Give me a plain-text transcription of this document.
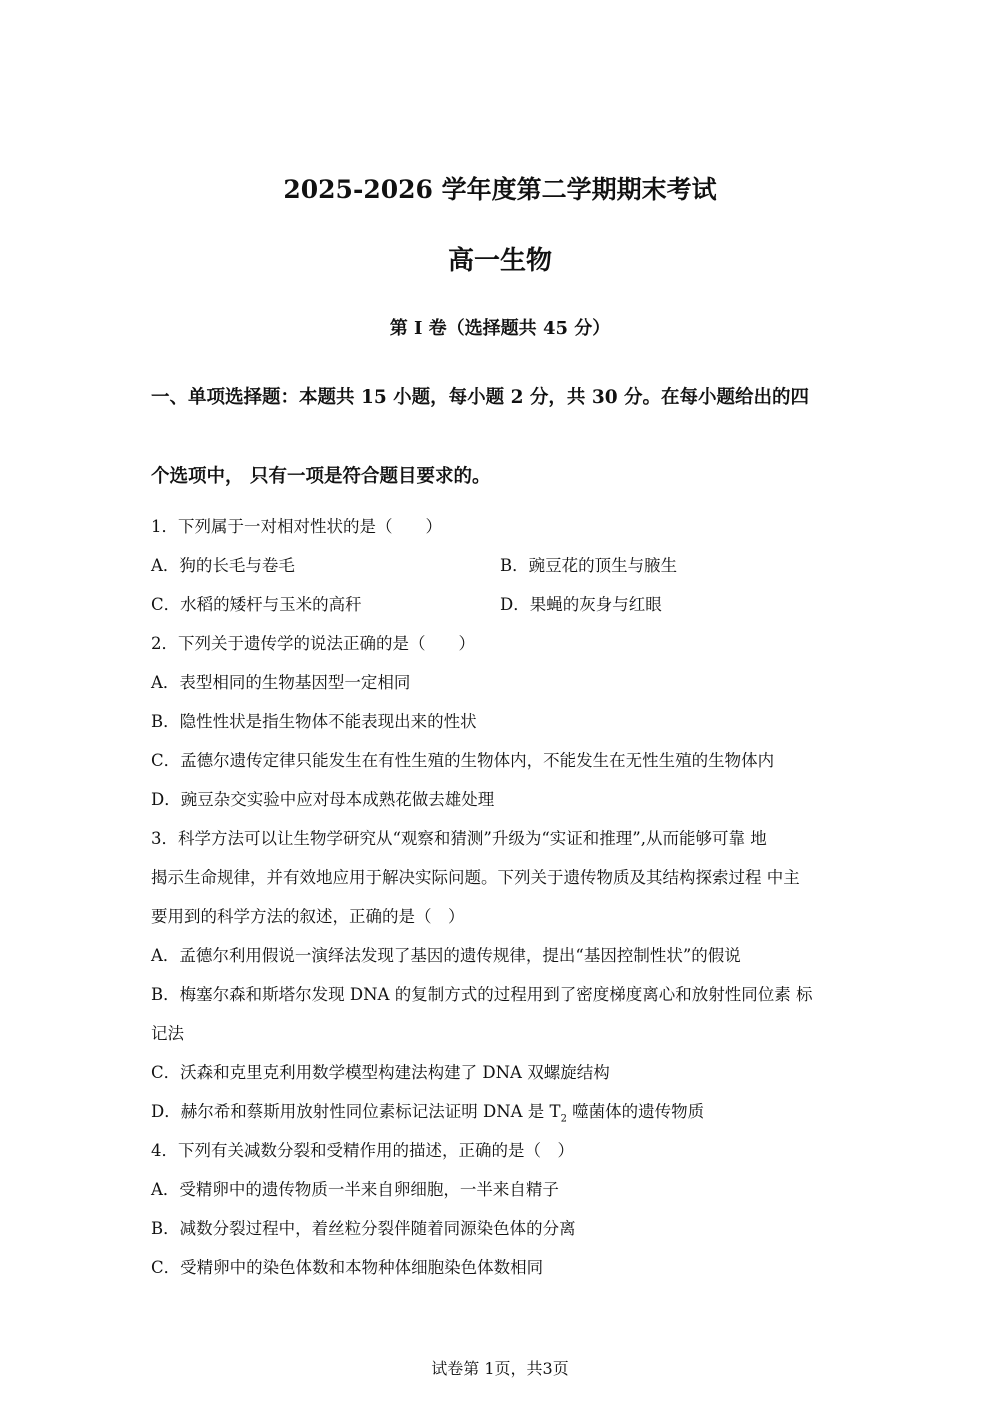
2025-2026 学年度第二学期期末考试
高一生物
第 I 卷（选择题共 45 分）
一、单项选择题：本题共 15 小题，每小题 2 分，共 30 分。在每小题给出的四
个选项中， 只有一项是符合题目要求的。
1．下列属于一对相对性状的是（　　）
A．狗的长毛与卷毛	B．豌豆花的顶生与腋生
C．水稻的矮杆与玉米的高秆	D．果蝇的灰身与红眼
2．下列关于遗传学的说法正确的是（　　）
A．表型相同的生物基因型一定相同
B．隐性性状是指生物体不能表现出来的性状
C．孟德尔遗传定律只能发生在有性生殖的生物体内，不能发生在无性生殖的生物体内
D．豌豆杂交实验中应对母本成熟花做去雄处理
3．科学方法可以让生物学研究从“观察和猜测”升级为“实证和推理”,从而能够可靠 地
揭示生命规律，并有效地应用于解决实际问题。下列关于遗传物质及其结构探索过程 中主
要用到的科学方法的叙述，正确的是（　）
A．孟德尔利用假说一演绎法发现了基因的遗传规律，提出“基因控制性状”的假说
B．梅塞尔森和斯塔尔发现 DNA 的复制方式的过程用到了密度梯度离心和放射性同位素 标
记法
C．沃森和克里克利用数学模型构建法构建了 DNA 双螺旋结构
D．赫尔希和蔡斯用放射性同位素标记法证明 DNA 是 $T_2$ 噬菌体的遗传物质
4．下列有关减数分裂和受精作用的描述，正确的是（　）
A．受精卵中的遗传物质一半来自卵细胞，一半来自精子
B．减数分裂过程中，着丝粒分裂伴随着同源染色体的分离
C．受精卵中的染色体数和本物种体细胞染色体数相同
试卷第 1页，共3页
